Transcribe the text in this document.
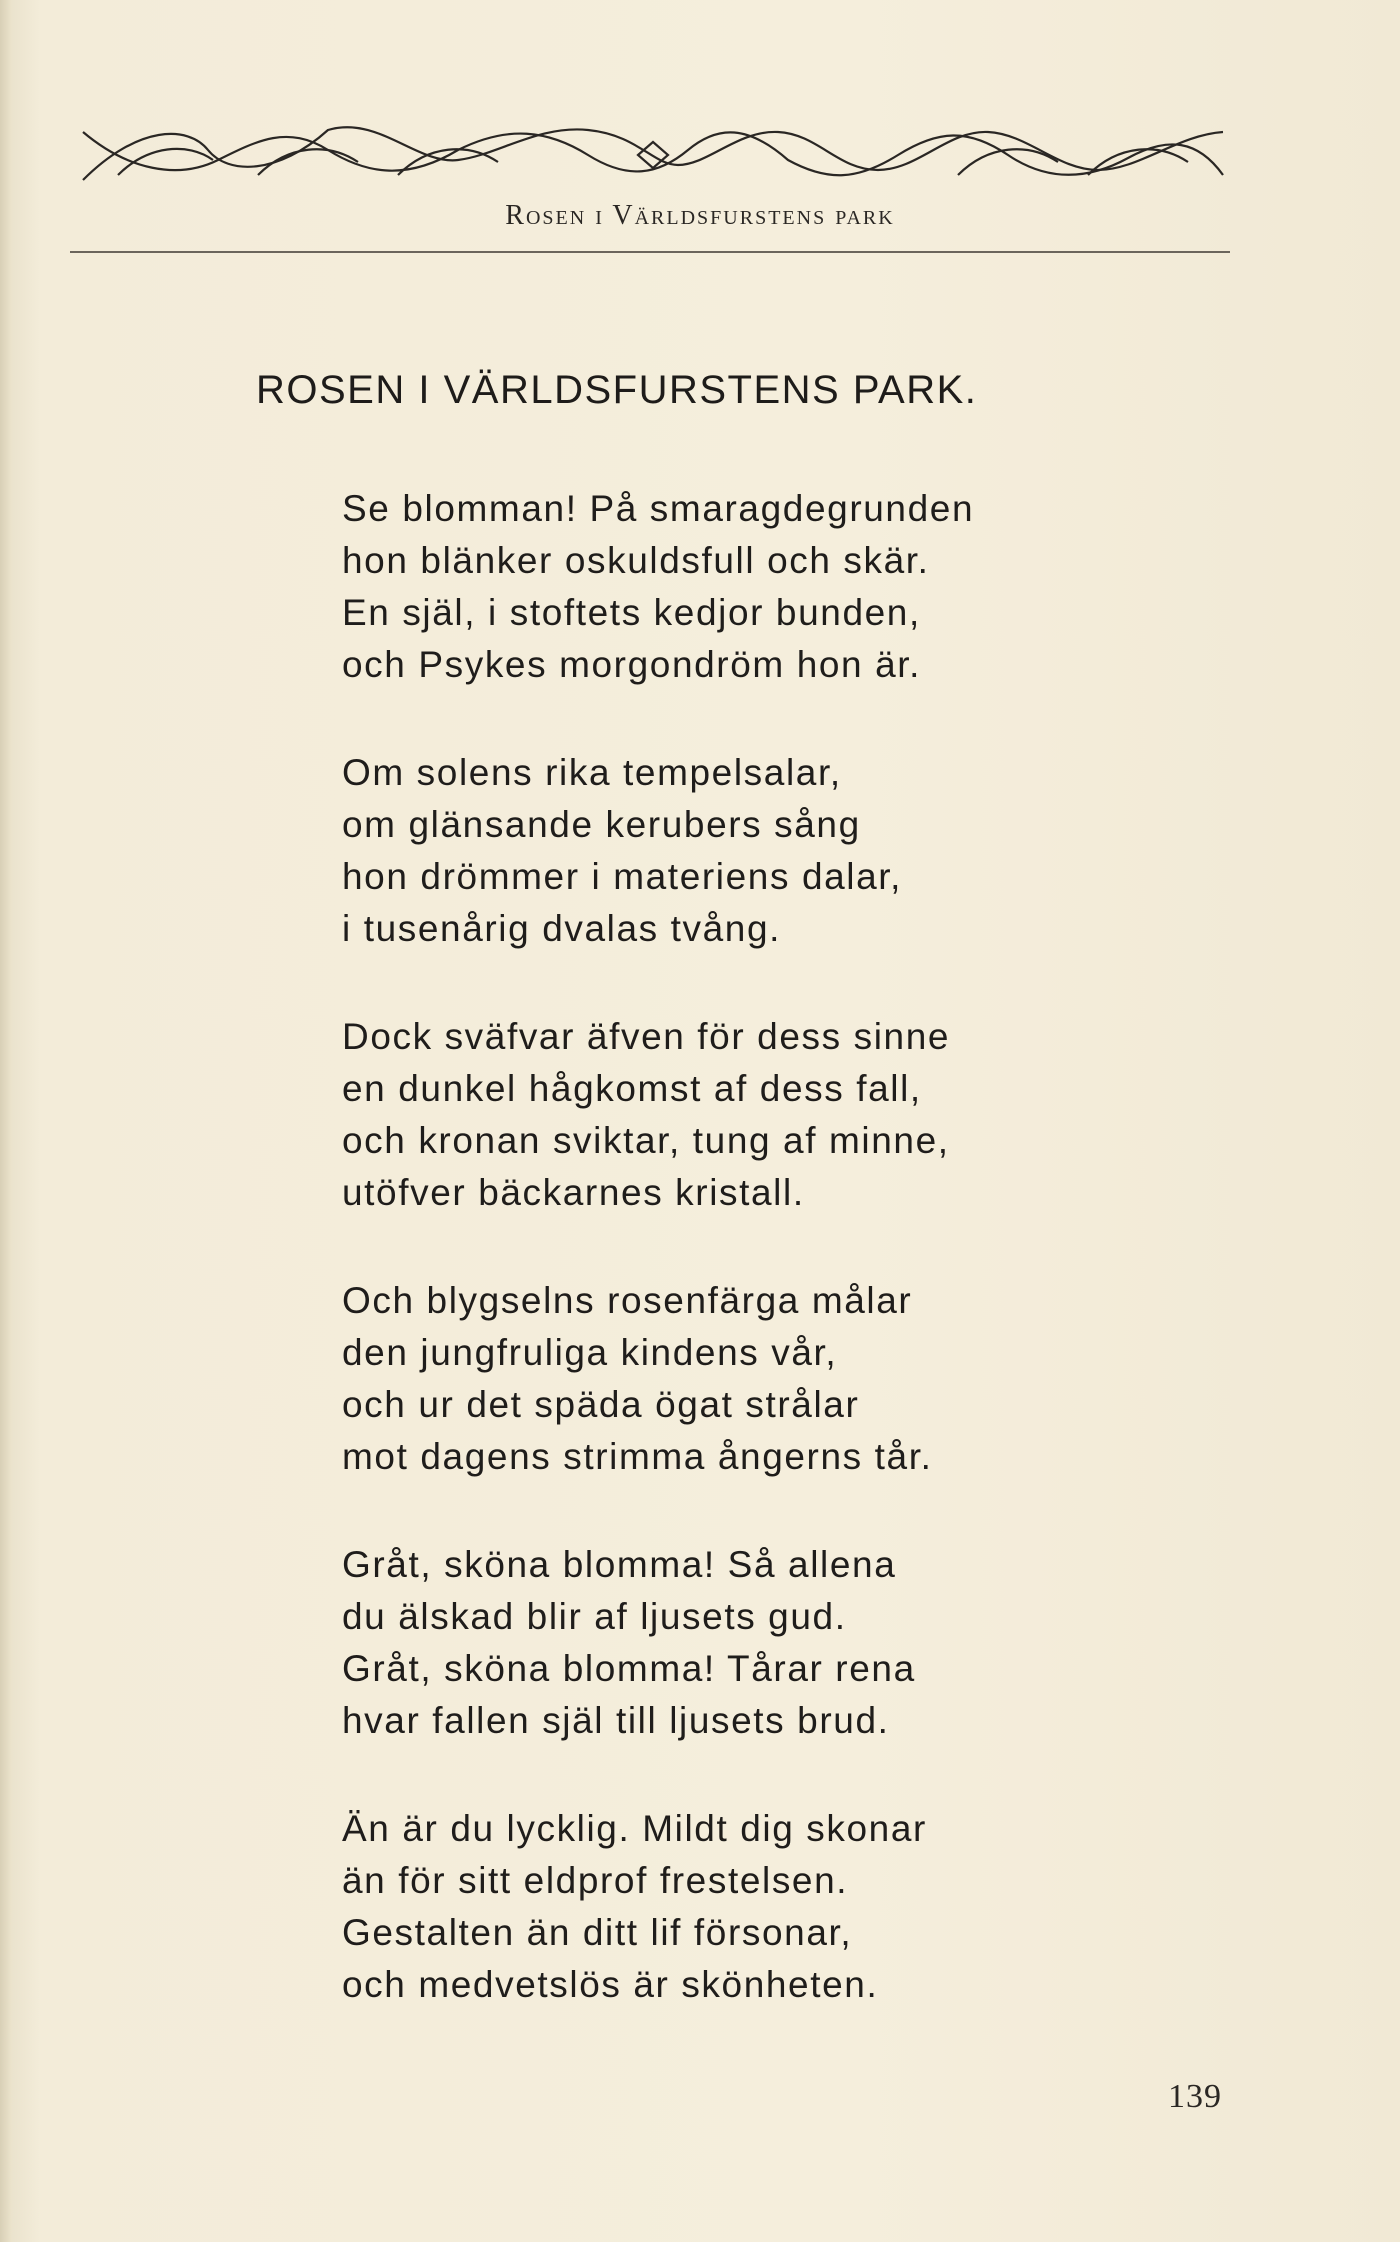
Rosen i Världsfurstens park
ROSEN I VÄRLDSFURSTENS PARK.
Se blomman! På smaragdegrunden
hon blänker oskuldsfull och skär.
En själ, i stoftets kedjor bunden,
och Psykes morgondröm hon är.
Om solens rika tempelsalar,
om glänsande kerubers sång
hon drömmer i materiens dalar,
i tusenårig dvalas tvång.
Dock sväfvar äfven för dess sinne
en dunkel hågkomst af dess fall,
och kronan sviktar, tung af minne,
utöfver bäckarnes kristall.
Och blygselns rosenfärga målar
den jungfruliga kindens vår,
och ur det späda ögat strålar
mot dagens strimma ångerns tår.
Gråt, sköna blomma! Så allena
du älskad blir af ljusets gud.
Gråt, sköna blomma! Tårar rena
hvar fallen själ till ljusets brud.
Än är du lycklig. Mildt dig skonar
än för sitt eldprof frestelsen.
Gestalten än ditt lif försonar,
och medvetslös är skönheten.
139
